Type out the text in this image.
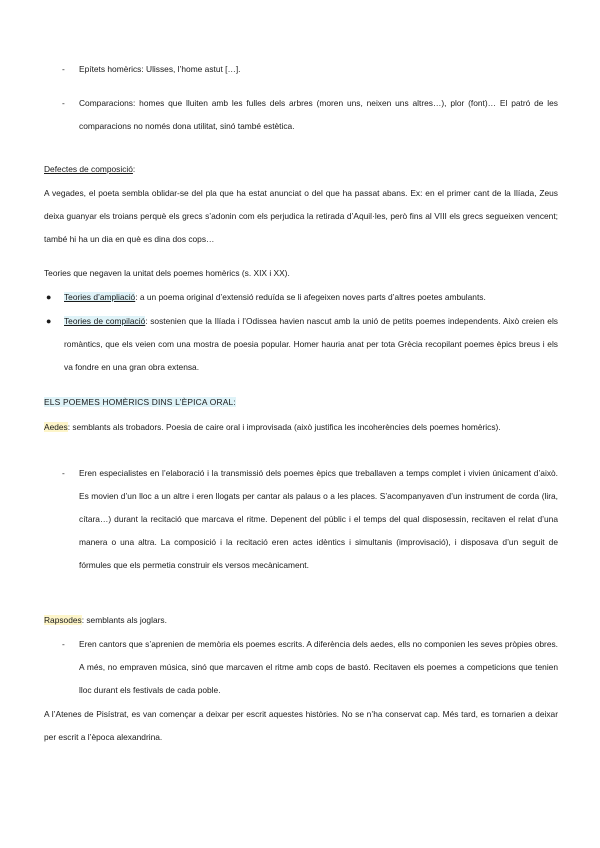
-	Epítets homèrics: Ulisses, l’home astut […].
-	Comparacions: homes que lluiten amb les fulles dels arbres (moren uns, neixen uns altres…), plor (font)… El patró de les comparacions no només dona utilitat, sinó també estètica.
Defectes de composició:
A vegades, el poeta sembla oblidar-se del pla que ha estat anunciat o del que ha passat abans. Ex: en el primer cant de la Ilíada, Zeus deixa guanyar els troians perquè els grecs s’adonin com els perjudica la retirada d’Aquil·les, però fins al VIII els grecs segueixen vencent; també hi ha un dia en què es dina dos cops…
Teories que negaven la unitat dels poemes homèrics (s. XIX i XX).
●	Teories d’ampliació: a un poema original d’extensió reduïda se li afegeixen noves parts d’altres poetes ambulants.
●	Teories de compilació: sostenien que la Ilíada i l’Odissea havien nascut amb la unió de petits poemes independents. Això creien els romàntics, que els veien com una mostra de poesia popular. Homer hauria anat per tota Grècia recopilant poemes èpics breus i els va fondre en una gran obra extensa.
ELS POEMES HOMÈRICS DINS L’ÈPICA ORAL:
Aedes: semblants als trobadors. Poesia de caire oral i improvisada (això justifica les incoherències dels poemes homèrics).
-	Eren especialistes en l’elaboració i la transmissió dels poemes èpics que treballaven a temps complet i vivien únicament d’això. Es movien d’un lloc a un altre i eren llogats per cantar als palaus o a les places. S’acompanyaven d’un instrument de corda (lira, cítara…) durant la recitació que marcava el ritme. Depenent del públic i el temps del qual disposessin, recitaven el relat d’una manera o una altra. La composició i la recitació eren actes idèntics i simultanis (improvisació), i disposava d’un seguit de fórmules que els permetia construir els versos mecànicament.
Rapsodes: semblants als joglars.
-	Eren cantors que s’aprenien de memòria els poemes escrits. A diferència dels aedes, ells no componien les seves pròpies obres. A més, no empraven música, sinó que marcaven el ritme amb cops de bastó. Recitaven els poemes a competicions que tenien lloc durant els festivals de cada poble.
A l’Atenes de Pisístrat, es van començar a deixar per escrit aquestes històries. No se n’ha conservat cap. Més tard, es tornarien a deixar per escrit a l’època alexandrina.
